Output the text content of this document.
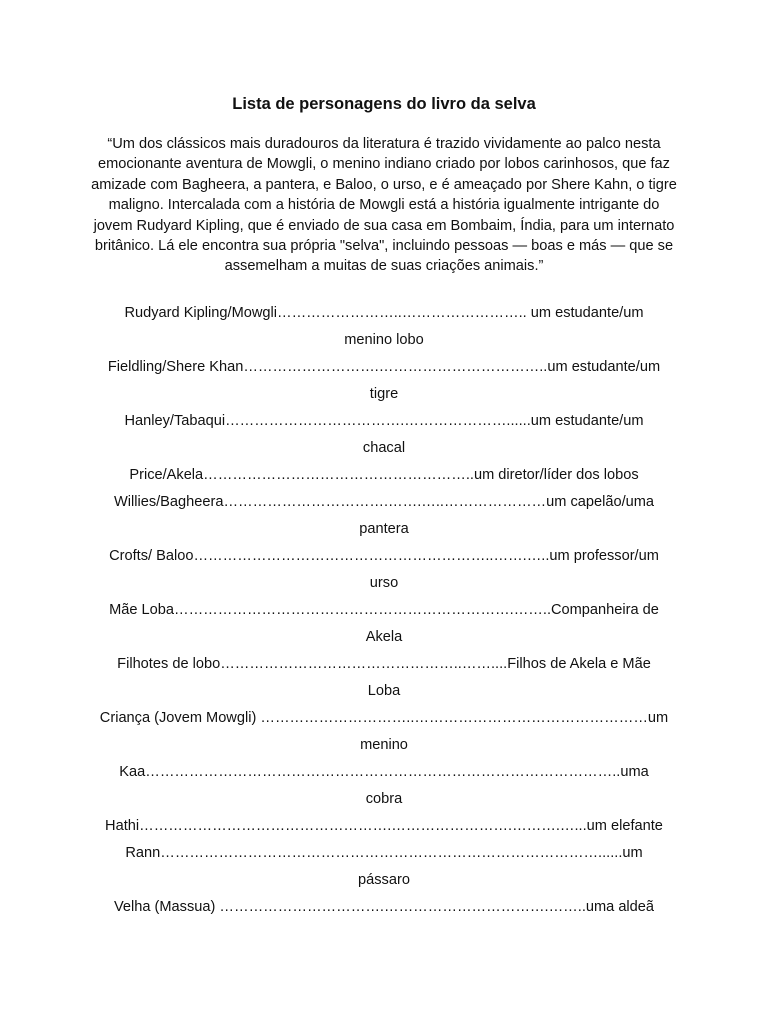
Lista de personagens do livro da selva

“Um dos clássicos mais duradouros da literatura é trazido vividamente ao palco nesta emocionante aventura de Mowgli, o menino indiano criado por lobos carinhosos, que faz amizade com Bagheera, a pantera, e Baloo, o urso, e é ameaçado por Shere Kahn, o tigre maligno. Intercalada com a história de Mowgli está a história igualmente intrigante do jovem Rudyard Kipling, que é enviado de sua casa em Bombaim, Índia, para um internato britânico. Lá ele encontra sua própria "selva", incluindo pessoas — boas e más — que se assemelham a muitas de suas criações animais.”

Rudyard Kipling/Mowgli……………………..…………………….. um estudante/um
menino lobo
Fieldling/Shere Khan……………………….……………………………..um estudante/um
tigre
Hanley/Tabaqui……………………………….…………………......um estudante/um
chacal
Price/Akela………………………………………………..um diretor/líder dos lobos
Willies/Bagheera…………………………….…….…..…………………um capelão/uma
pantera
Crofts/ Baloo……………………………………………………..…….…..um professor/um
urso
Mãe Loba…………………………………………………………….……..Companheira de
Akela
Filhotes de lobo…………………………………………..……....Filhos de Akela e Mãe
Loba
Criança (Jovem Mowgli) …………………………..…………………………………………um
menino
Kaa……………………………………………………………………………………..uma
cobra
Hathi…………………………………………….…………………….……….…...um elefante
Rann………………………………………………………………………………......um
pássaro
Velha (Massua) …………………………….…………………………….……..uma aldeã
